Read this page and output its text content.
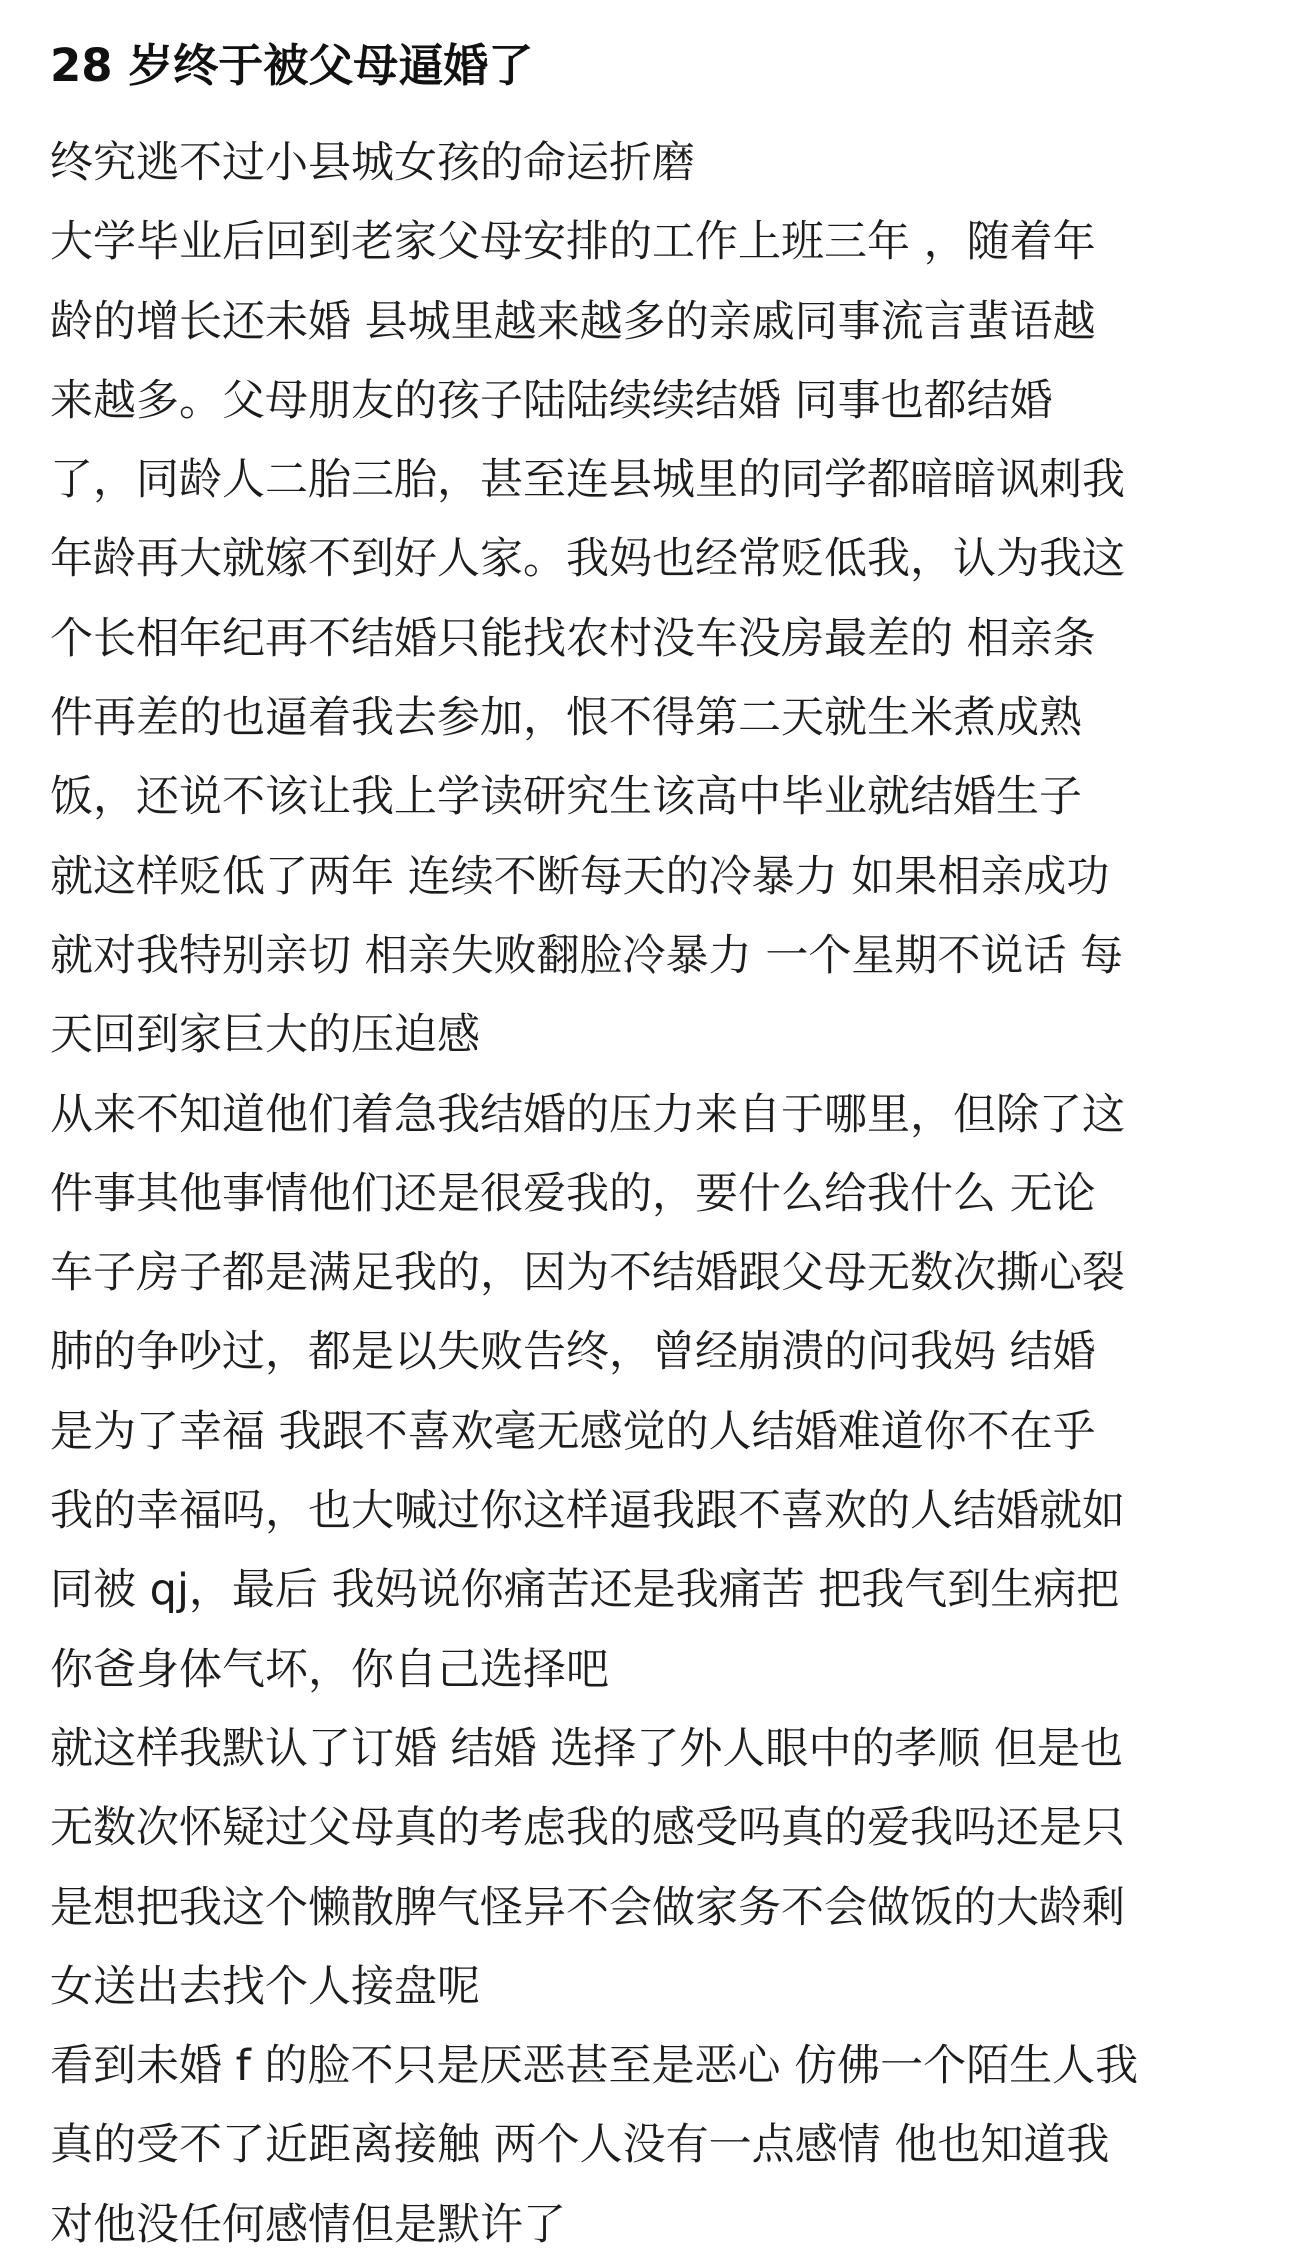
28 岁终于被父母逼婚了
终究逃不过小县城女孩的命运折磨
大学毕业后回到老家父母安排的工作上班三年 ，随着年
龄的增长还未婚 县城里越来越多的亲戚同事流言蜚语越
来越多。父母朋友的孩子陆陆续续结婚 同事也都结婚
了，同龄人二胎三胎，甚至连县城里的同学都暗暗讽刺我
年龄再大就嫁不到好人家。我妈也经常贬低我，认为我这
个长相年纪再不结婚只能找农村没车没房最差的 相亲条
件再差的也逼着我去参加，恨不得第二天就生米煮成熟
饭，还说不该让我上学读研究生该高中毕业就结婚生子
就这样贬低了两年 连续不断每天的冷暴力 如果相亲成功
就对我特别亲切 相亲失败翻脸冷暴力 一个星期不说话 每
天回到家巨大的压迫感
从来不知道他们着急我结婚的压力来自于哪里，但除了这
件事其他事情他们还是很爱我的，要什么给我什么 无论
车子房子都是满足我的，因为不结婚跟父母无数次撕心裂
肺的争吵过，都是以失败告终，曾经崩溃的问我妈 结婚
是为了幸福 我跟不喜欢毫无感觉的人结婚难道你不在乎
我的幸福吗，也大喊过你这样逼我跟不喜欢的人结婚就如
同被 qj，最后 我妈说你痛苦还是我痛苦 把我气到生病把
你爸身体气坏，你自己选择吧
就这样我默认了订婚 结婚 选择了外人眼中的孝顺 但是也
无数次怀疑过父母真的考虑我的感受吗真的爱我吗还是只
是想把我这个懒散脾气怪异不会做家务不会做饭的大龄剩
女送出去找个人接盘呢
看到未婚 f 的脸不只是厌恶甚至是恶心 仿佛一个陌生人我
真的受不了近距离接触 两个人没有一点感情 他也知道我
对他没任何感情但是默许了
